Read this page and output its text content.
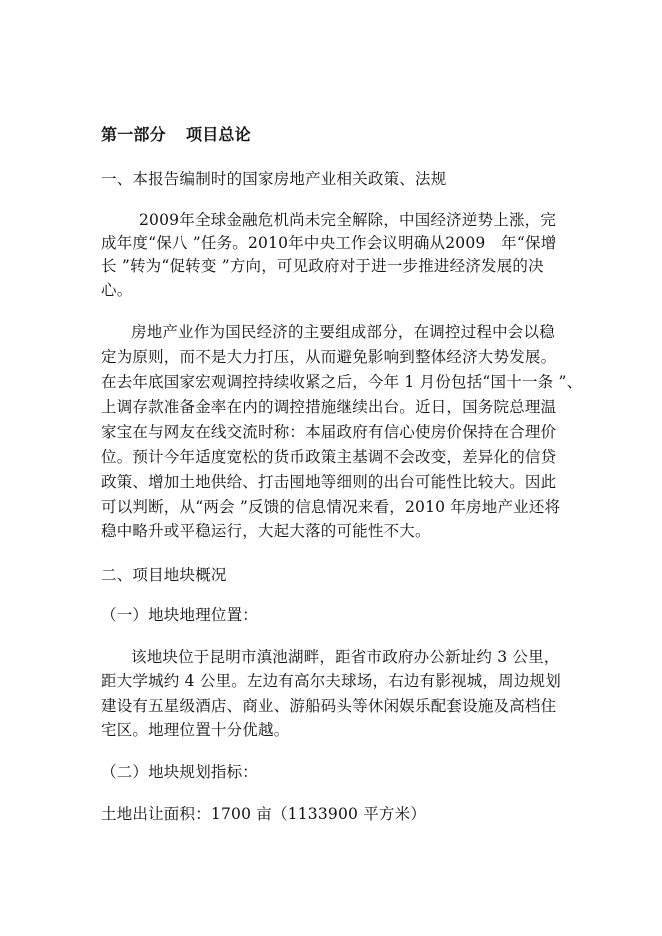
第一部分 项目总论
一、本报告编制时的国家房地产业相关政策、法规
2009年全球金融危机尚未完全解除，中国经济逆势上涨，完
成年度“保八 ”任务。2010年中央工作会议明确从2009　年“保增
长 ”转为“促转变 ”方向，可见政府对于进一步推进经济发展的决
心。
房地产业作为国民经济的主要组成部分，在调控过程中会以稳
定为原则，而不是大力打压，从而避免影响到整体经济大势发展。
在去年底国家宏观调控持续收紧之后，今年 1 月份包括“国十一条 ”、
上调存款准备金率在内的调控措施继续出台。近日，国务院总理温
家宝在与网友在线交流时称：本届政府有信心使房价保持在合理价
位。预计今年适度宽松的货币政策主基调不会改变，差异化的信贷
政策、增加土地供给、打击囤地等细则的出台可能性比较大。因此
可以判断，从“两会 ”反馈的信息情况来看，2010 年房地产业还将
稳中略升或平稳运行，大起大落的可能性不大。
二、项目地块概况
（一）地块地理位置：
该地块位于昆明市滇池湖畔，距省市政府办公新址约 3 公里，
距大学城约 4 公里。左边有高尔夫球场，右边有影视城，周边规划
建设有五星级酒店、商业、游船码头等休闲娱乐配套设施及高档住
宅区。地理位置十分优越。
（二）地块规划指标：
土地出让面积：1700 亩（1133900 平方米）
